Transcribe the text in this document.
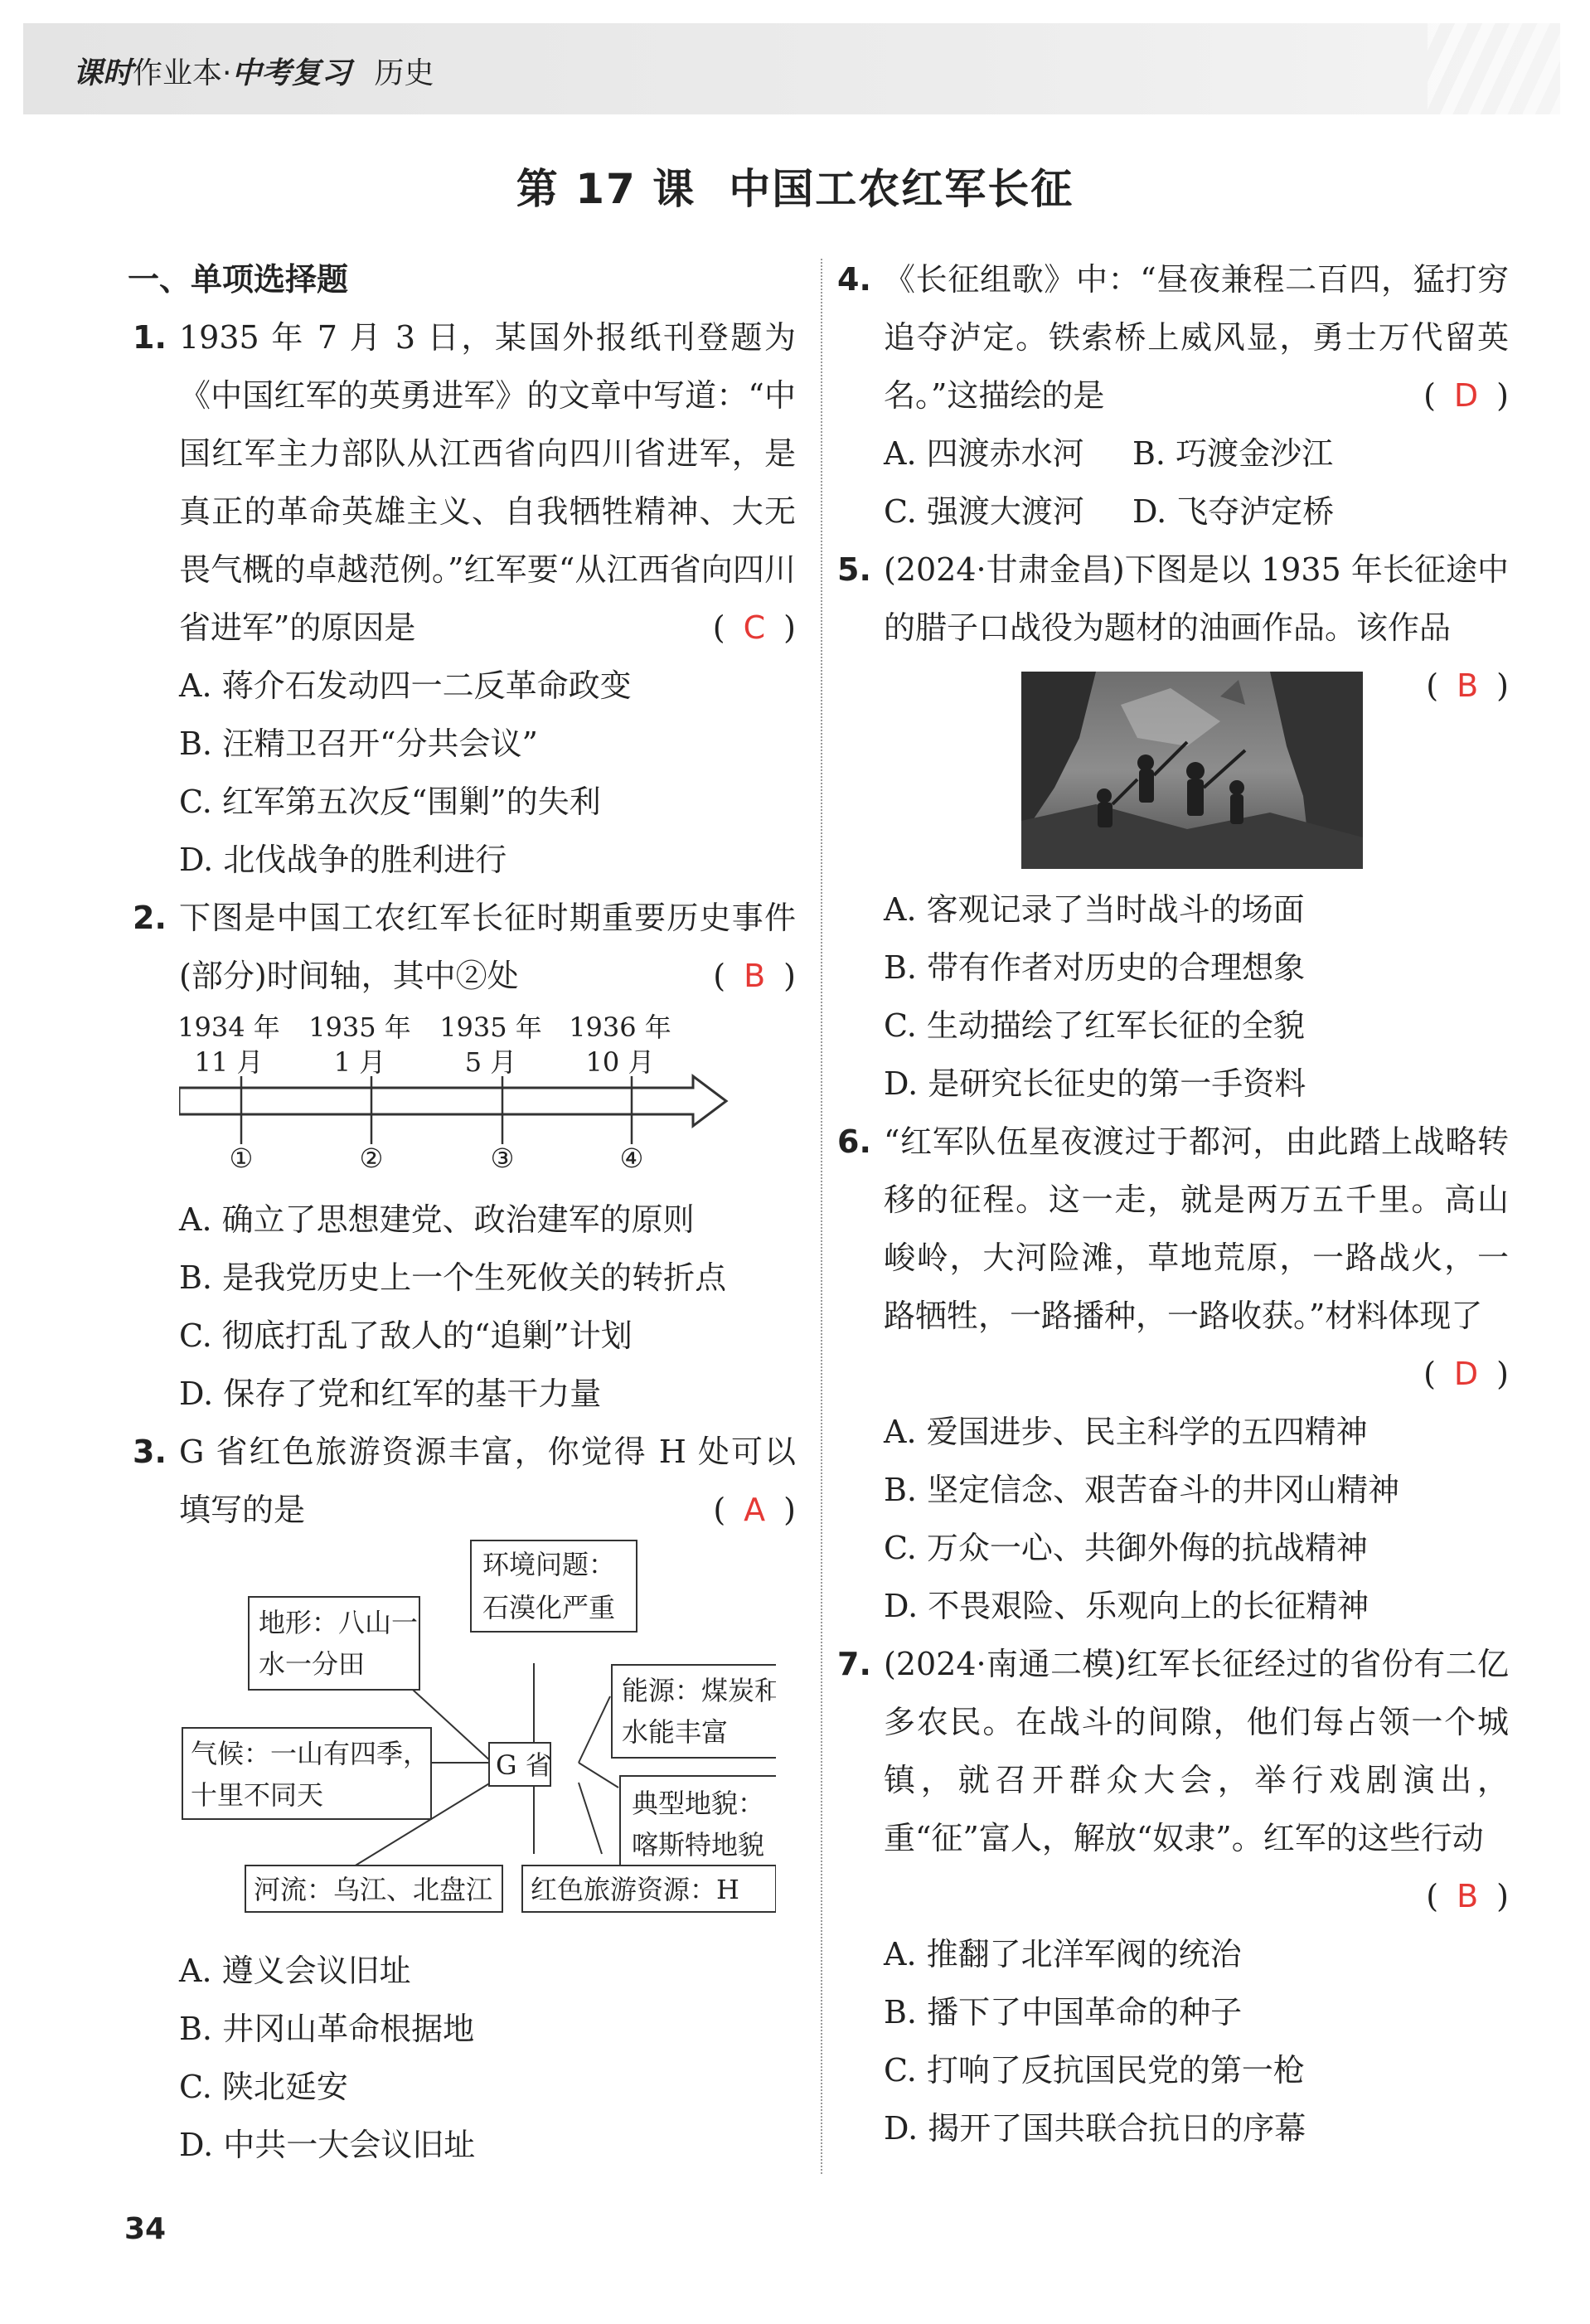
课时作业本·中考复习 历史
第 17 课 中国工农红军长征
一、单项选择题
1. 1935 年 7 月 3 日，某国外报纸刊登题为《中国红军的英勇进军》的文章中写道：“中国红军主力部队从江西省向四川省进军，是真正的革命英雄主义、自我牺牲精神、大无畏气概的卓越范例。”红军要“从江西省向四川省进军”的原因是	( C )
A. 蒋介石发动四一二反革命政变
B. 汪精卫召开“分共会议”
C. 红军第五次反“围剿”的失利
D. 北伐战争的胜利进行
2. 下图是中国工农红军长征时期重要历史事件(部分)时间轴，其中②处	( B )
1934 年 1935 年 1935 年 1936 年
11 月	1 月	5 月	10 月
①	②	③	④
A. 确立了思想建党、政治建军的原则
B. 是我党历史上一个生死攸关的转折点
C. 彻底打乱了敌人的“追剿”计划
D. 保存了党和红军的基干力量
3. G 省红色旅游资源丰富，你觉得 H 处可以填写的是	( A )
环境问题：
石漠化严重
地形：八山一
水一分田
能源：煤炭和
水能丰富
气候：一山有四季，
十里不同天
G 省
典型地貌：
喀斯特地貌
河流：乌江、北盘江 红色旅游资源：H
A. 遵义会议旧址
B. 井冈山革命根据地
C. 陕北延安
D. 中共一大会议旧址
4. 《长征组歌》中：“昼夜兼程二百四，猛打穷追夺泸定。铁索桥上威风显，勇士万代留英名。”这描绘的是	( D )
A. 四渡赤水河	B. 巧渡金沙江
C. 强渡大渡河	D. 飞夺泸定桥
5. (2024·甘肃金昌)下图是以 1935 年长征途中的腊子口战役为题材的油画作品。该作品
( B )
A. 客观记录了当时战斗的场面
B. 带有作者对历史的合理想象
C. 生动描绘了红军长征的全貌
D. 是研究长征史的第一手资料
6. “红军队伍星夜渡过于都河，由此踏上战略转移的征程。这一走，就是两万五千里。高山峻岭，大河险滩，草地荒原，一路战火，一路牺牲，一路播种，一路收获。”材料体现了
( D )
A. 爱国进步、民主科学的五四精神
B. 坚定信念、艰苦奋斗的井冈山精神
C. 万众一心、共御外侮的抗战精神
D. 不畏艰险、乐观向上的长征精神
7. (2024·南通二模)红军长征经过的省份有二亿多农民。在战斗的间隙，他们每占领一个城镇，就召开群众大会，举行戏剧演出，重“征”富人，解放“奴隶”。红军的这些行动
( B )
A. 推翻了北洋军阀的统治
B. 播下了中国革命的种子
C. 打响了反抗国民党的第一枪
D. 揭开了国共联合抗日的序幕
34
